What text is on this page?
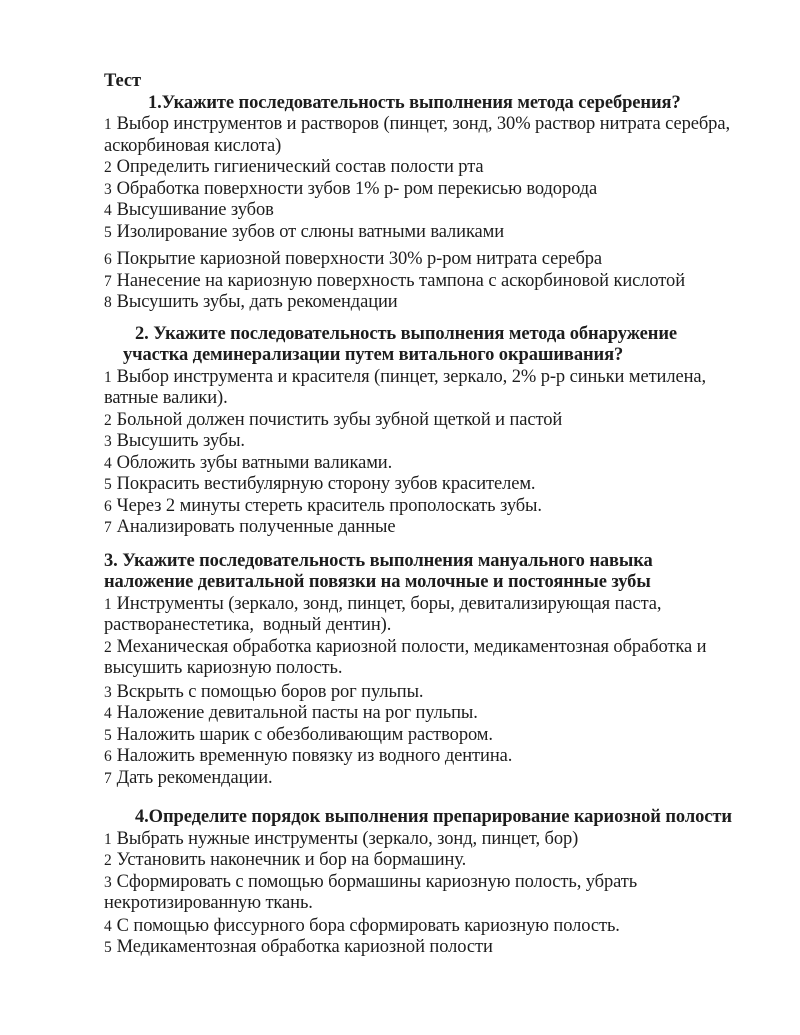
Тест
1.Укажите последовательность выполнения метода серебрения?
1 Выбор инструментов и растворов (пинцет, зонд, 30% раствор нитрата серебра,
аскорбиновая кислота)
2 Определить гигиенический состав полости рта
3 Обработка поверхности зубов 1% р- ром перекисью водорода
4 Высушивание зубов
5 Изолирование зубов от слюны ватными валиками
6 Покрытие кариозной поверхности 30% р-ром нитрата серебра
7 Нанесение на кариозную поверхность тампона с аскорбиновой кислотой
8 Высушить зубы, дать рекомендации
2. Укажите последовательность выполнения метода обнаружение
участка деминерализации путем витального окрашивания?
1 Выбор инструмента и красителя (пинцет, зеркало, 2% р-р синьки метилена,
ватные валики).
2 Больной должен почистить зубы зубной щеткой и пастой
3 Высушить зубы.
4 Обложить зубы ватными валиками.
5 Покрасить вестибулярную сторону зубов красителем.
6 Через 2 минуты стереть краситель прополоскать зубы.
7 Анализировать полученные данные
3. Укажите последовательность выполнения мануального навыка
наложение девитальной повязки на молочные и постоянные зубы
1 Инструменты (зеркало, зонд, пинцет, боры, девитализирующая паста,
растворанестетика,  водный дентин).
2 Механическая обработка кариозной полости, медикаментозная обработка и
высушить кариозную полость.
3 Вскрыть с помощью боров рог пульпы.
4 Наложение девитальной пасты на рог пульпы.
5 Наложить шарик с обезболивающим раствором.
6 Наложить временную повязку из водного дентина.
7 Дать рекомендации.
4.Определите порядок выполнения препарирование кариозной полости
1 Выбрать нужные инструменты (зеркало, зонд, пинцет, бор)
2 Установить наконечник и бор на бормашину.
3 Сформировать с помощью бормашины кариозную полость, убрать
некротизированную ткань.
4 С помощью фиссурного бора сформировать кариозную полость.
5 Медикаментозная обработка кариозной полости
